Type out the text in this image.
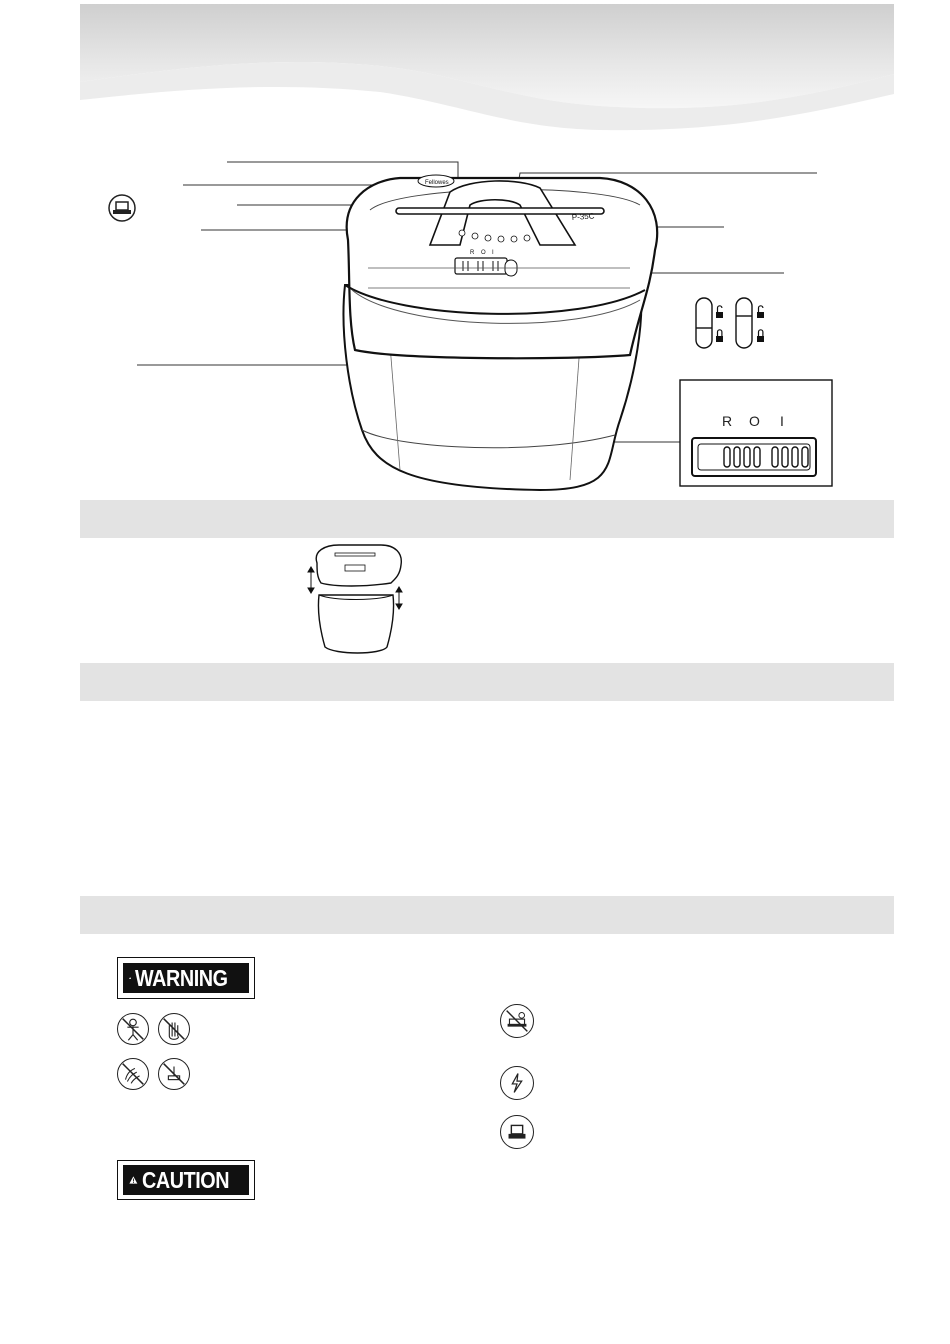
Fellowes
P-35C
R O I
R O I
WARNING
CAUTION
